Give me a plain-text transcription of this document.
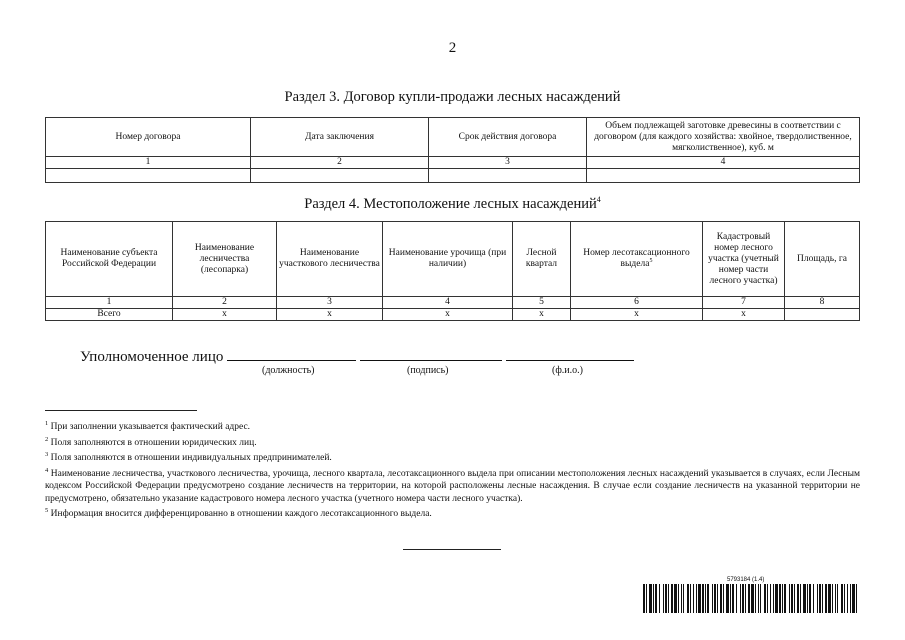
2
Раздел 3. Договор купли-продажи лесных насаждений
Номер договора	Дата заключения	Срок действия договора	Объем подлежащей заготовке древесины в соответствии с договором (для каждого хозяйства: хвойное, твердолиственное, мягколиственное), куб. м
1	2	3	4

Раздел 4. Местоположение лесных насаждений$^4$
Наименование субъекта Российской Федерации	Наименование лесничества (лесопарка)	Наименование участкового лесничества	Наименование урочища (при наличии)	Лесной квартал	Номер лесотаксационного выдела$^5$	Кадастровый номер лесного участка (учетный номер части лесного участка)	Площадь, га
1	2	3	4	5	6	7	8
Всего	х	х	х	х	х	х	
Уполномоченное лицо
(должность)	(подпись)	(ф.и.о.)

$^1$ При заполнении указывается фактический адрес.

$^2$ Поля заполняются в отношении юридических лиц.

$^3$ Поля заполняются в отношении индивидуальных предпринимателей.

$^4$ Наименование лесничества, участкового лесничества, урочища, лесного квартала, лесотаксационного выдела при описании местоположения лесных насаждений указывается в случаях, если Лесным кодексом Российской Федерации предусмотрено создание лесничеств на территории, на которой расположены лесные насаждения. В случае если создание лесничеств на указанной территории не предусмотрено, обязательно указание кадастрового номера лесного участка (учетного номера части лесного участка).

$^5$ Информация вносится дифференцированно в отношении каждого лесотаксационного выдела.

5793184 (1.4)
